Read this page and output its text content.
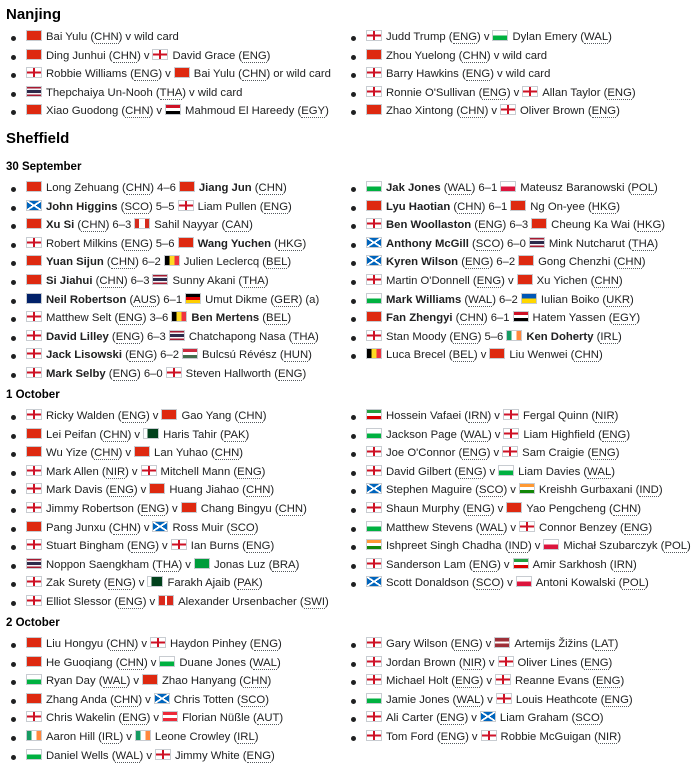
Nanjing
Bai Yulu (CHN) v wild card
Ding Junhui (CHN) v David Grace (ENG)
Robbie Williams (ENG) v Bai Yulu (CHN) or wild card
Thepchaiya Un-Nooh (THA) v wild card
Xiao Guodong (CHN) v Mahmoud El Hareedy (EGY)
Judd Trump (ENG) v Dylan Emery (WAL)
Zhou Yuelong (CHN) v wild card
Barry Hawkins (ENG) v wild card
Ronnie O'Sullivan (ENG) v Allan Taylor (ENG)
Zhao Xintong (CHN) v Oliver Brown (ENG)
Sheffield
30 September
Long Zehuang (CHN) 4–6 Jiang Jun (CHN)
John Higgins (SCO) 5–5 Liam Pullen (ENG)
Xu Si (CHN) 6–3 Sahil Nayyar (CAN)
Robert Milkins (ENG) 5–6 Wang Yuchen (HKG)
Yuan Sijun (CHN) 6–2 Julien Leclercq (BEL)
Si Jiahui (CHN) 6–3 Sunny Akani (THA)
Neil Robertson (AUS) 6–1 Umut Dikme (GER) (a)
Matthew Selt (ENG) 3–6 Ben Mertens (BEL)
David Lilley (ENG) 6–3 Chatchapong Nasa (THA)
Jack Lisowski (ENG) 6–2 Bulcsú Révész (HUN)
Mark Selby (ENG) 6–0 Steven Hallworth (ENG)
Jak Jones (WAL) 6–1 Mateusz Baranowski (POL)
Lyu Haotian (CHN) 6–1 Ng On-yee (HKG)
Ben Woollaston (ENG) 6–3 Cheung Ka Wai (HKG)
Anthony McGill (SCO) 6–0 Mink Nutcharut (THA)
Kyren Wilson (ENG) 6–2 Gong Chenzhi (CHN)
Martin O'Donnell (ENG) v Xu Yichen (CHN)
Mark Williams (WAL) 6–2 Iulian Boiko (UKR)
Fan Zhengyi (CHN) 6–1 Hatem Yassen (EGY)
Stan Moody (ENG) 5–6 Ken Doherty (IRL)
Luca Brecel (BEL) v Liu Wenwei (CHN)
1 October
Ricky Walden (ENG) v Gao Yang (CHN)
Lei Peifan (CHN) v Haris Tahir (PAK)
Wu Yize (CHN) v Lan Yuhao (CHN)
Mark Allen (NIR) v Mitchell Mann (ENG)
Mark Davis (ENG) v Huang Jiahao (CHN)
Jimmy Robertson (ENG) v Chang Bingyu (CHN)
Pang Junxu (CHN) v Ross Muir (SCO)
Stuart Bingham (ENG) v Ian Burns (ENG)
Noppon Saengkham (THA) v Jonas Luz (BRA)
Zak Surety (ENG) v Farakh Ajaib (PAK)
Elliot Slessor (ENG) v Alexander Ursenbacher (SWI)
Hossein Vafaei (IRN) v Fergal Quinn (NIR)
Jackson Page (WAL) v Liam Highfield (ENG)
Joe O'Connor (ENG) v Sam Craigie (ENG)
David Gilbert (ENG) v Liam Davies (WAL)
Stephen Maguire (SCO) v Kreishh Gurbaxani (IND)
Shaun Murphy (ENG) v Yao Pengcheng (CHN)
Matthew Stevens (WAL) v Connor Benzey (ENG)
Ishpreet Singh Chadha (IND) v Michał Szubarczyk (POL)
Sanderson Lam (ENG) v Amir Sarkhosh (IRN)
Scott Donaldson (SCO) v Antoni Kowalski (POL)
2 October
Liu Hongyu (CHN) v Haydon Pinhey (ENG)
He Guoqiang (CHN) v Duane Jones (WAL)
Ryan Day (WAL) v Zhao Hanyang (CHN)
Zhang Anda (CHN) v Chris Totten (SCO)
Chris Wakelin (ENG) v Florian Nüßle (AUT)
Aaron Hill (IRL) v Leone Crowley (IRL)
Daniel Wells (WAL) v Jimmy White (ENG)
Gary Wilson (ENG) v Artemijs Žižins (LAT)
Jordan Brown (NIR) v Oliver Lines (ENG)
Michael Holt (ENG) v Reanne Evans (ENG)
Jamie Jones (WAL) v Louis Heathcote (ENG)
Ali Carter (ENG) v Liam Graham (SCO)
Tom Ford (ENG) v Robbie McGuigan (NIR)
